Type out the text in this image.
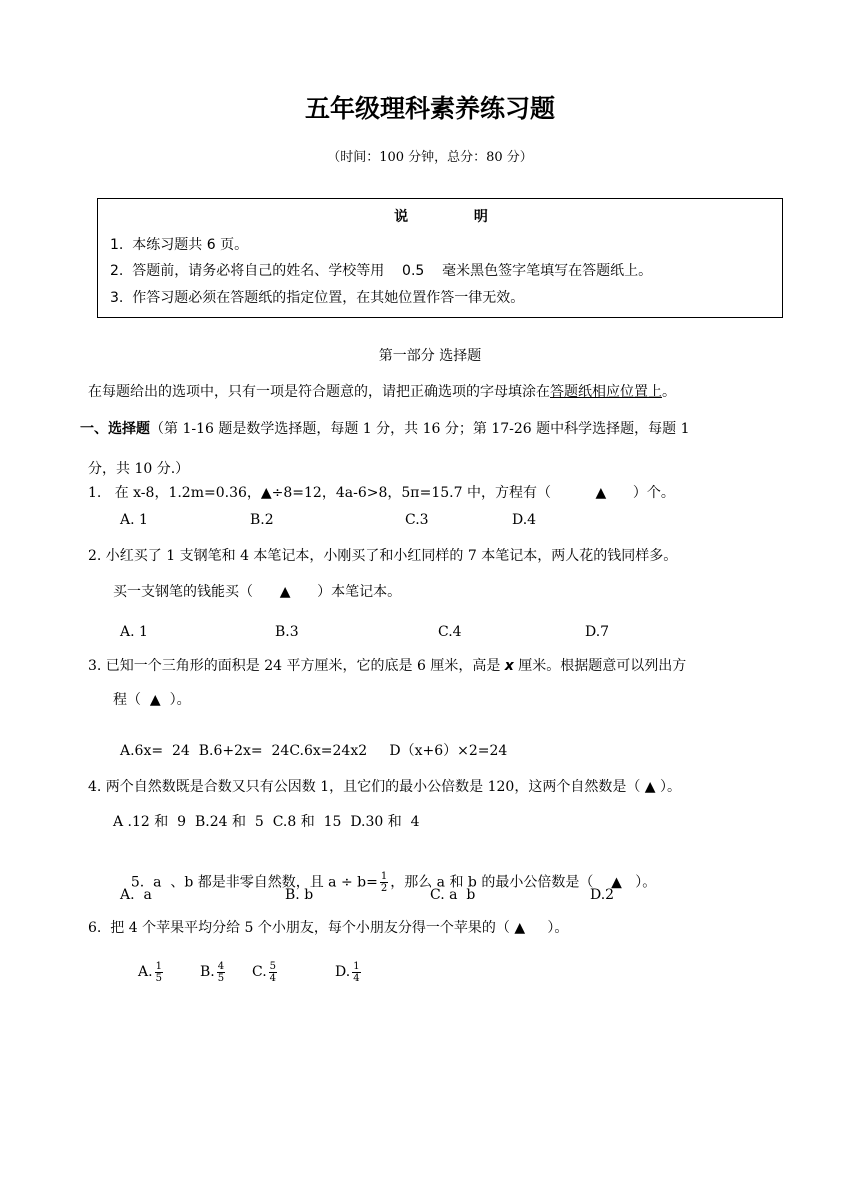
五年级理科素养练习题
（时间：100 分钟，总分：80 分）
说	明
1.  本练习题共 6 页。
2.  答题前，请务必将自己的姓名、学校等用    0.5    毫米黑色签字笔填写在答题纸上。
3.  作答习题必须在答题纸的指定位置，在其她位置作答一律无效。
第一部分 选择题
在每题给出的选项中，只有一项是符合题意的，请把正确选项的字母填涂在答题纸相应位置上。
一、选择题（第 1-16 题是数学选择题，每题 1 分，共 16 分；第 17-26 题中科学选择题，每题 1
分，共 10 分.）
1.   在 x-8，1.2m=0.36，▲÷8=12，4a-6>8，5п=15.7 中，方程有（          ▲      ）个。
A. 1	B.2	C.3	D.4
2. 小红买了 1 支钢笔和 4 本笔记本，小刚买了和小红同样的 7 本笔记本，两人花的钱同样多。
买一支钢笔的钱能买（      ▲      ）本笔记本。
A. 1	B.3	C.4	D.7
3. 已知一个三角形的面积是 24 平方厘米，它的底是 6 厘米，高是 x 厘米。根据题意可以列出方
程（  ▲  ）。
A.6ⅹ=  24  B.6+2ⅹ=  24C.6ⅹ=24x2     D（ⅹ+6）×2=24
4. 两个自然数既是合数又只有公因数 1，且它们的最小公倍数是 120，这两个自然数是（ ▲ ）。
A .12 和  9  B.24 和  5  C.8 和  15  D.30 和  4

5.  a  、b 都是非零自然数，且 $a \div b= \frac{1}{2}$ ，那么 a 和 b 的最小公倍数是（    ▲   ）。

A.  a	B. b	C. a  b	D.2
6.  把 4 个苹果平均分给 5 个小朋友，每个小朋友分得一个苹果的（ ▲     ）。
A. $\frac{1}{5}$	B. $\frac{4}{5} C$. $\frac{5}{4}$	D. $\frac{1}{4}$
